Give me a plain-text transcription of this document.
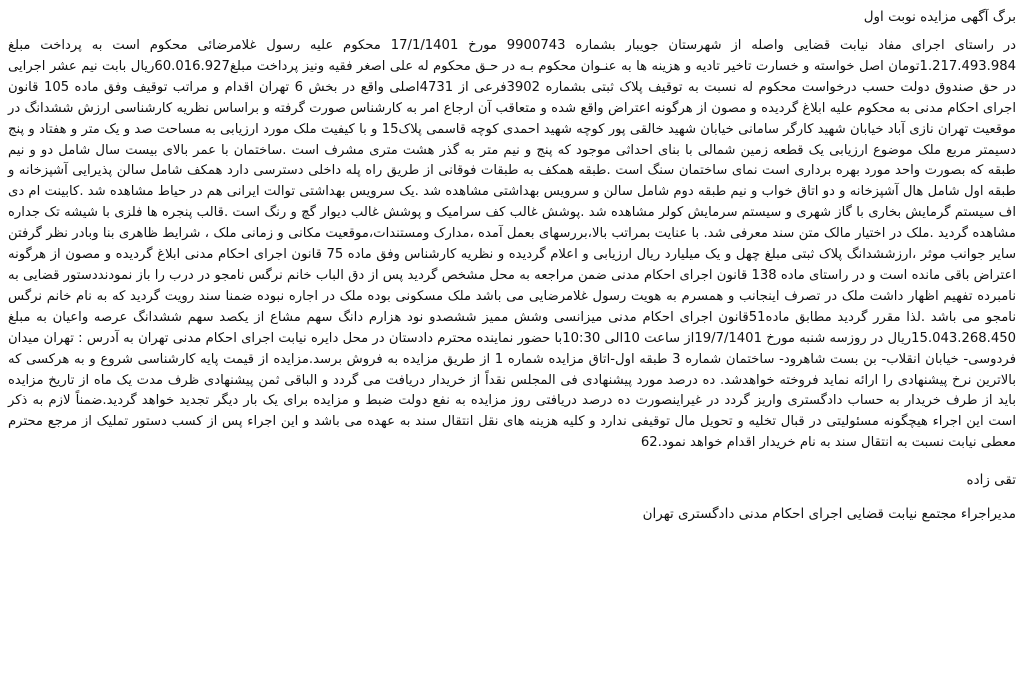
برگ آگهی مزایده نوبت اول

در راستای اجرای مفاد نیابت قضایی واصله از شهرستان جویبار بشماره 9900743 مورخ 17/1/1401 محکوم علیه رسول غلامرضائی محکوم است به پرداخت مبلغ 1.217.493.984تومان اصل خواسته و خسارت تاخیر تادیه و هزینه ها به عنـوان محکوم بـه در حـق محکوم له علی اصغر فقیه ونیز پرداخت مبلغ60.016.927ریال بابت نیم عشر اجرایی در حق صندوق دولت حسب درخواست محکوم له نسبت به توقیف پلاک ثبتی بشماره 3902فرعی از 4731اصلی واقع در بخش 6 تهران اقدام و مراتب توقیف وفق ماده 105 قانون اجرای احکام مدنی به محکوم علیه ابلاغ گردیده و مصون از هرگونه اعتراض واقع شده و متعاقب آن ارجاع امر به کارشناس صورت گرفته و براساس نظریه کارشناسی ارزش ششدانگ در موقعیت تهران نازی آباد خیابان شهید کارگر سامانی خیابان شهید خالقی پور کوچه شهید احمدی کوچه قاسمی پلاک15 و با کیفیت ملک مورد ارزیابی به مساحت صد و یک متر و هفتاد و پنج دسیمتر مربع ملک موضوع ارزیابی یک قطعه زمین شمالی با بنای احداثی موجود که پنج و نیم متر به گذر هشت متری مشرف است .ساختمان با عمر بالای بیست سال شامل دو و نیم طبقه که بصورت واحد مورد بهره برداری است نمای ساختمان سنگ است .طبقه همکف به طبقات فوقانی از طریق راه پله داخلی دسترسی دارد همکف شامل سالن پذیرایی آشپزخانه و طبقه اول شامل هال آشپزخانه و دو اتاق خواب و نیم طبقه دوم شامل سالن و سرویس بهداشتی مشاهده شد .یک سرویس بهداشتی توالت ایرانی هم در حیاط مشاهده شد .کابینت ام دی اف سیستم گرمایش بخاری با گاز شهری و سیستم سرمایش کولر مشاهده شد .پوشش غالب کف سرامیک و پوشش غالب دیوار گچ و رنگ است .قالب پنجره ها فلزی با شیشه تک جداره مشاهده گردید .ملک در اختیار مالک متن سند معرفی شد. با عنایت بمراتب بالا،بررسهای بعمل آمده ،مدارک ومستندات،موقعیت مکانی و زمانی ملک ، شرایط ظاهری بنا وبادر نظر گرفتن سایر جوانب موثر ،ارزششدانگ پلاک ثبتی مبلغ چهل و یک میلیارد ریال ارزیابی و اعلام گردیده و نظریه کارشناس وفق ماده 75 قانون اجرای احکام مدنی ابلاغ گردیده و مصون از هرگونه اعتراض باقی مانده است و در راستای ماده 138 قانون اجرای احکام مدنی ضمن مراجعه به محل مشخص گردید پس از دق الباب خانم نرگس نامجو در درب را باز نمودنددستور قضایی به نامبرده تفهیم اظهار داشت ملک در تصرف اینجانب و همسرم به هویت رسول غلامرضایی می باشد ملک مسکونی بوده ملک در اجاره نبوده ضمنا سند رویت گردید که به نام خانم نرگس نامجو می باشد .لذا مقرر گردید مطابق ماده51قانون اجرای احکام مدنی میزانسی وشش ممیز ششصدو نود هزارم دانگ سهم مشاع از یکصد سهم ششدانگ عرصه واعیان به مبلغ 15.043.268.450ریال در روزسه شنبه مورخ 19/7/1401از ساعت 10الی 10:30با حضور نماینده محترم دادستان در محل دایره نیابت اجرای احکام مدنی تهران به آدرس : تهران میدان فردوسی- خیابان انقلاب- بن بست شاهرود- ساختمان شماره 3 طبقه اول-اتاق مزایده شماره 1 از طریق مزایده به فروش برسد.مزایده از قیمت پایه کارشناسی شروع و به هرکسی که بالاترین نرخ پیشنهادی را ارائه نماید فروخته خواهدشد. ده درصد مورد پیشنهادی فی المجلس نقداً از خریدار دریافت می گردد و الباقی ثمن پیشنهادی ظرف مدت یک ماه از تاریخ مزایده باید از طرف خریدار به حساب دادگستری واریز گردد در غیراینصورت ده درصد دریافتی روز مزایده به نفع دولت ضبط و مزایده برای یک بار دیگر تجدید خواهد گردید.ضمناً لازم به ذکر است این اجراء هیچگونه مسئولیتی در قبال تخلیه و تحویل مال توقیفی ندارد و کلیه هزینه های نقل انتقال سند به عهده می باشد و این اجراء پس از کسب دستور تملیک از مرجع محترم معطی نیابت نسبت به انتقال سند به نام خریدار اقدام خواهد نمود.62

تقی زاده
مدیراجراء مجتمع نیابت قضایی اجرای احکام مدنی دادگستری تهران
